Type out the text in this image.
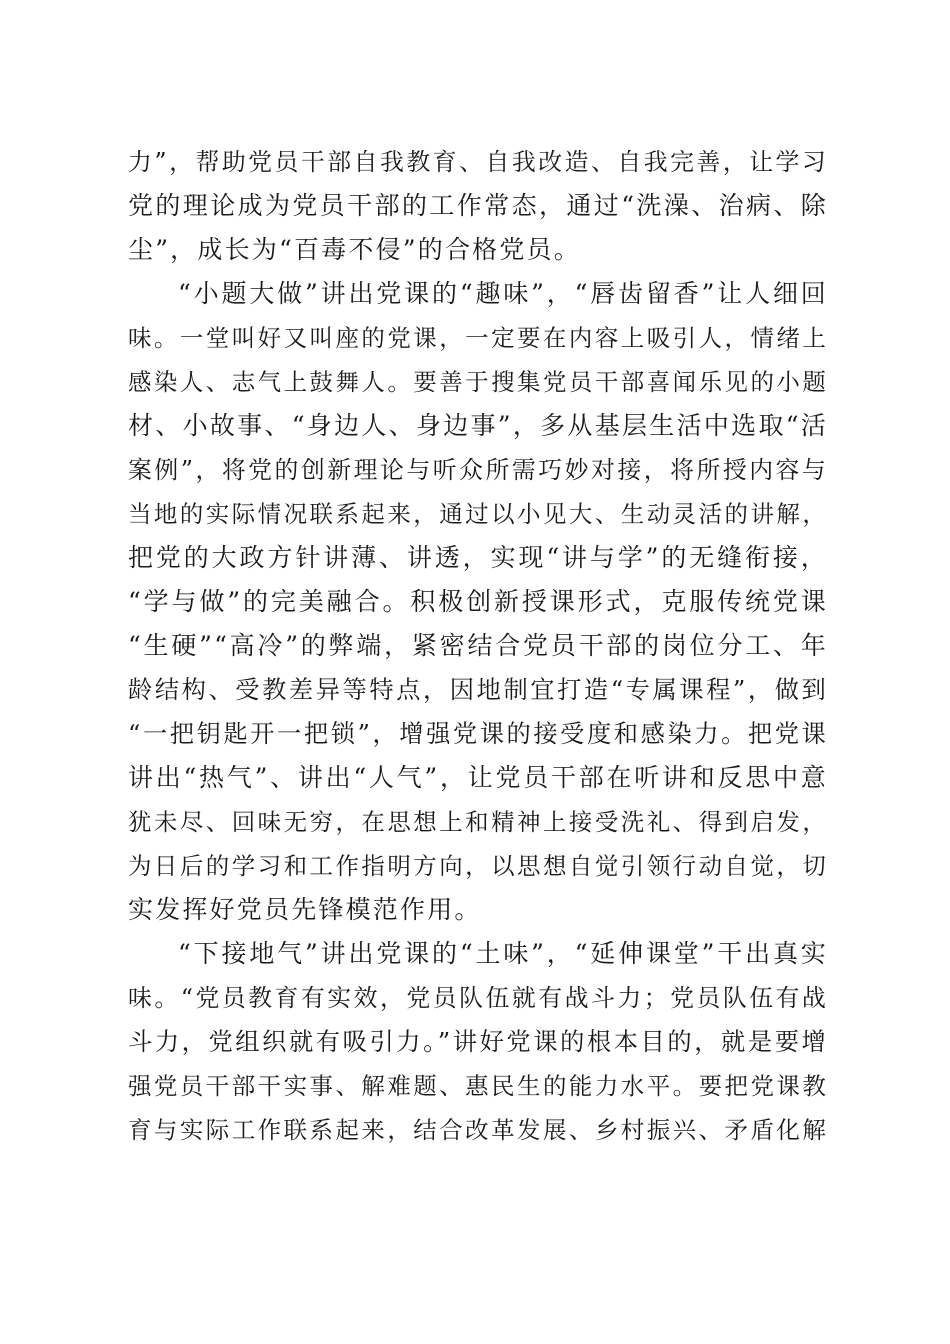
力”，帮助党员干部自我教育、自我改造、自我完善，让学习
党的理论成为党员干部的工作常态，通过“洗澡、治病、除
尘”，成长为“百毒不侵”的合格党员。
“小题大做”讲出党课的“趣味”，“唇齿留香”让人细回
味。一堂叫好又叫座的党课，一定要在内容上吸引人，情绪上
感染人、志气上鼓舞人。要善于搜集党员干部喜闻乐见的小题
材、小故事、“身边人、身边事”，多从基层生活中选取“活
案例”，将党的创新理论与听众所需巧妙对接，将所授内容与
当地的实际情况联系起来，通过以小见大、生动灵活的讲解，
把党的大政方针讲薄、讲透，实现“讲与学”的无缝衔接，
“学与做”的完美融合。积极创新授课形式，克服传统党课
“生硬”“高冷”的弊端，紧密结合党员干部的岗位分工、年
龄结构、受教差异等特点，因地制宜打造“专属课程”，做到
“一把钥匙开一把锁”，增强党课的接受度和感染力。把党课
讲出“热气”、讲出“人气”，让党员干部在听讲和反思中意
犹未尽、回味无穷，在思想上和精神上接受洗礼、得到启发，
为日后的学习和工作指明方向，以思想自觉引领行动自觉，切
实发挥好党员先锋模范作用。
“下接地气”讲出党课的“土味”，“延伸课堂”干出真实
味。“党员教育有实效，党员队伍就有战斗力；党员队伍有战
斗力，党组织就有吸引力。”讲好党课的根本目的，就是要增
强党员干部干实事、解难题、惠民生的能力水平。要把党课教
育与实际工作联系起来，结合改革发展、乡村振兴、矛盾化解
